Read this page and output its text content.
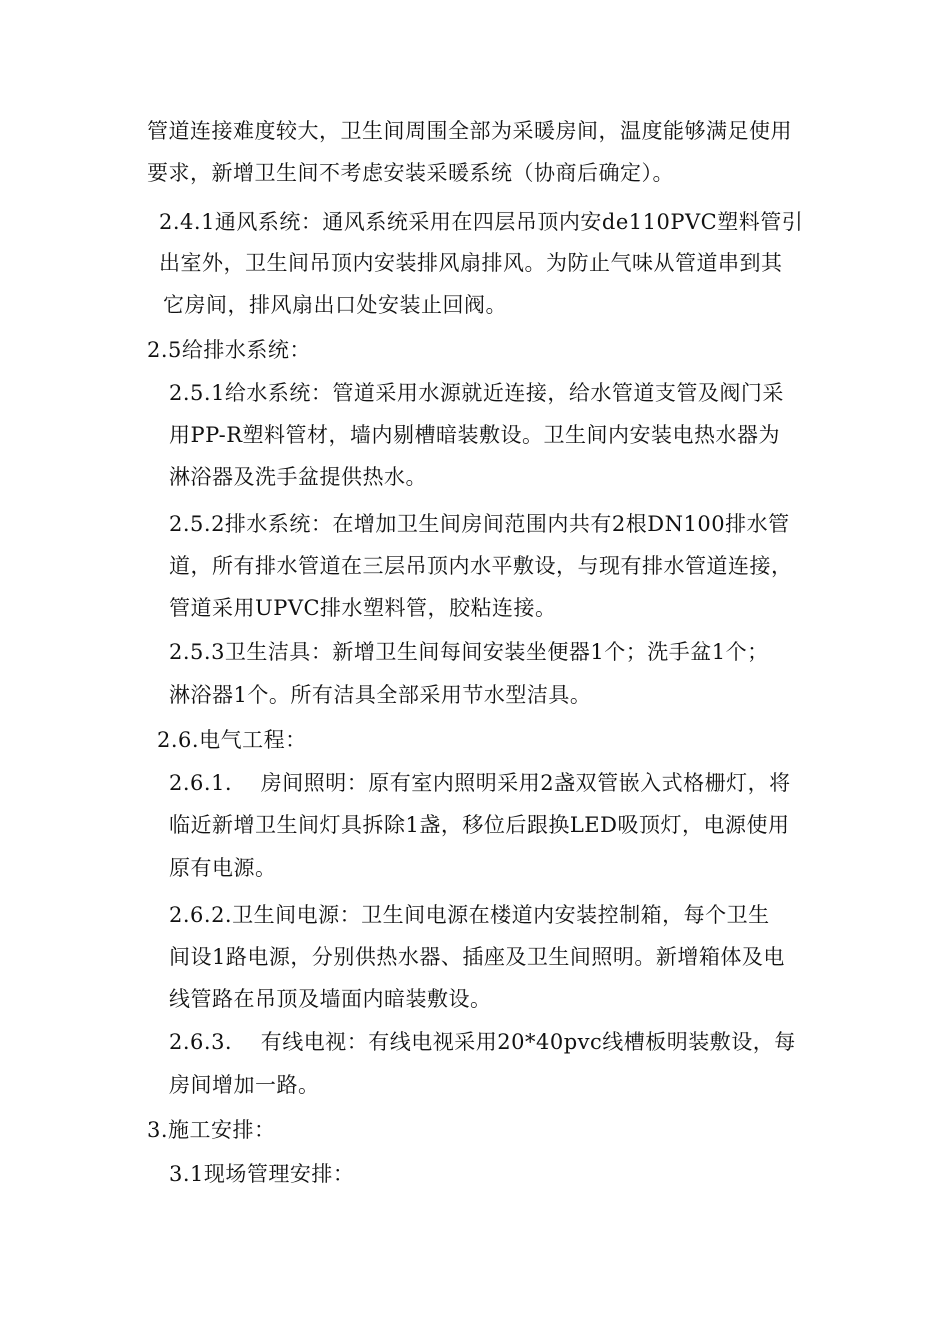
管道连接难度较大，卫生间周围全部为采暖房间，温度能够满足使用
要求，新增卫生间不考虑安装采暖系统（协商后确定）。
2.4.1通风系统：通风系统采用在四层吊顶内安de110PVC塑料管引
出室外，卫生间吊顶内安装排风扇排风。为防止气味从管道串到其
它房间，排风扇出口处安装止回阀。
2.5给排水系统：
2.5.1给水系统：管道采用水源就近连接，给水管道支管及阀门采
用PP-R塑料管材，墙内剔槽暗装敷设。卫生间内安装电热水器为
淋浴器及洗手盆提供热水。
2.5.2排水系统：在增加卫生间房间范围内共有2根DN100排水管
道，所有排水管道在三层吊顶内水平敷设，与现有排水管道连接，
管道采用UPVC排水塑料管，胶粘连接。
2.5.3卫生洁具：新增卫生间每间安装坐便器1个；洗手盆1个；
淋浴器1个。所有洁具全部采用节水型洁具。
2.6.电气工程：
2.6.1.　 房间照明：原有室内照明采用2盏双管嵌入式格栅灯，将
临近新增卫生间灯具拆除1盏，移位后跟换LED吸顶灯，电源使用
原有电源。
2.6.2.卫生间电源：卫生间电源在楼道内安装控制箱，每个卫生
间设1路电源，分别供热水器、插座及卫生间照明。新增箱体及电
线管路在吊顶及墙面内暗装敷设。
2.6.3.　 有线电视：有线电视采用20*40pvc线槽板明装敷设，每
房间增加一路。
3.施工安排：
3.1现场管理安排：
